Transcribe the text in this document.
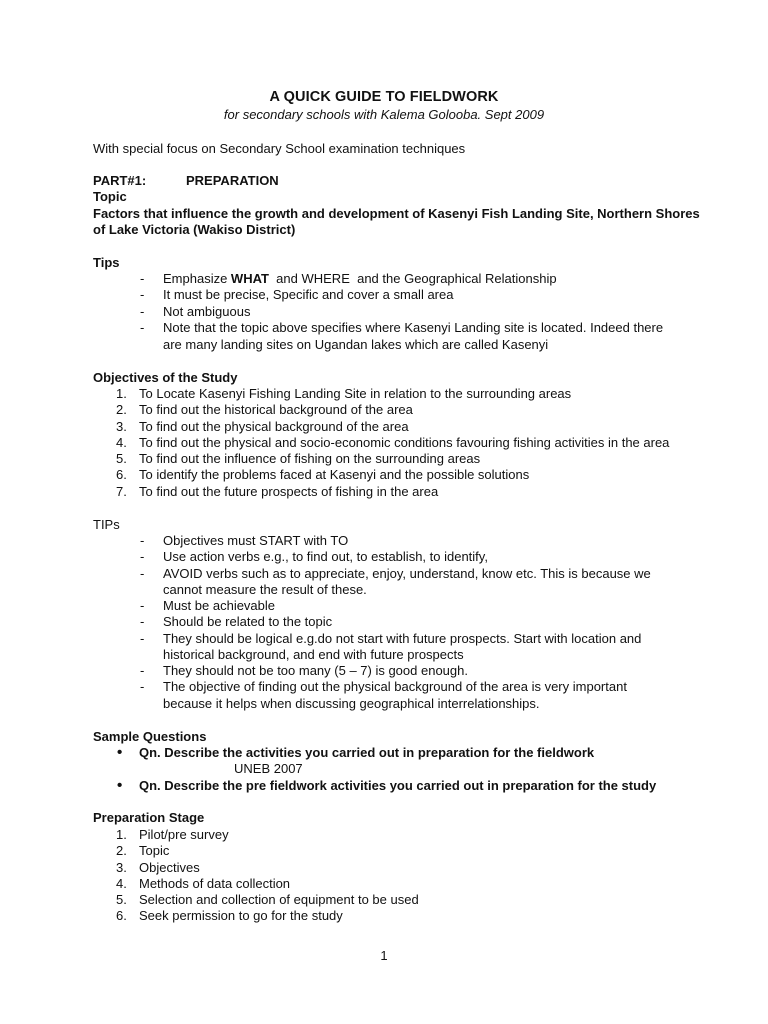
A QUICK GUIDE TO FIELDWORK
for secondary schools with Kalema Golooba. Sept 2009
With special focus on Secondary School examination techniques
PART#1:	PREPARATION
Topic
Factors that influence the growth and development of Kasenyi Fish Landing Site, Northern Shores
of Lake Victoria (Wakiso District)
Tips
- Emphasize WHAT  and WHERE  and the Geographical Relationship
- It must be precise, Specific and cover a small area
- Not ambiguous
- Note that the topic above specifies where Kasenyi Landing site is located. Indeed there
are many landing sites on Ugandan lakes which are called Kasenyi
Objectives of the Study
1. To Locate Kasenyi Fishing Landing Site in relation to the surrounding areas
2. To find out the historical background of the area
3. To find out the physical background of the area
4. To find out the physical and socio-economic conditions favouring fishing activities in the area
5. To find out the influence of fishing on the surrounding areas
6. To identify the problems faced at Kasenyi and the possible solutions
7. To find out the future prospects of fishing in the area
TIPs
- Objectives must START with TO
- Use action verbs e.g., to find out, to establish, to identify,
- AVOID verbs such as to appreciate, enjoy, understand, know etc. This is because we
cannot measure the result of these.
- Must be achievable
- Should be related to the topic
- They should be logical e.g.do not start with future prospects. Start with location and
historical background, and end with future prospects
- They should not be too many (5 – 7) is good enough.
- The objective of finding out the physical background of the area is very important
because it helps when discussing geographical interrelationships.
Sample Questions
• Qn. Describe the activities you carried out in preparation for the fieldwork
UNEB 2007
• Qn. Describe the pre fieldwork activities you carried out in preparation for the study
Preparation Stage
1. Pilot/pre survey
2. Topic
3. Objectives
4. Methods of data collection
5. Selection and collection of equipment to be used
6. Seek permission to go for the study
1
